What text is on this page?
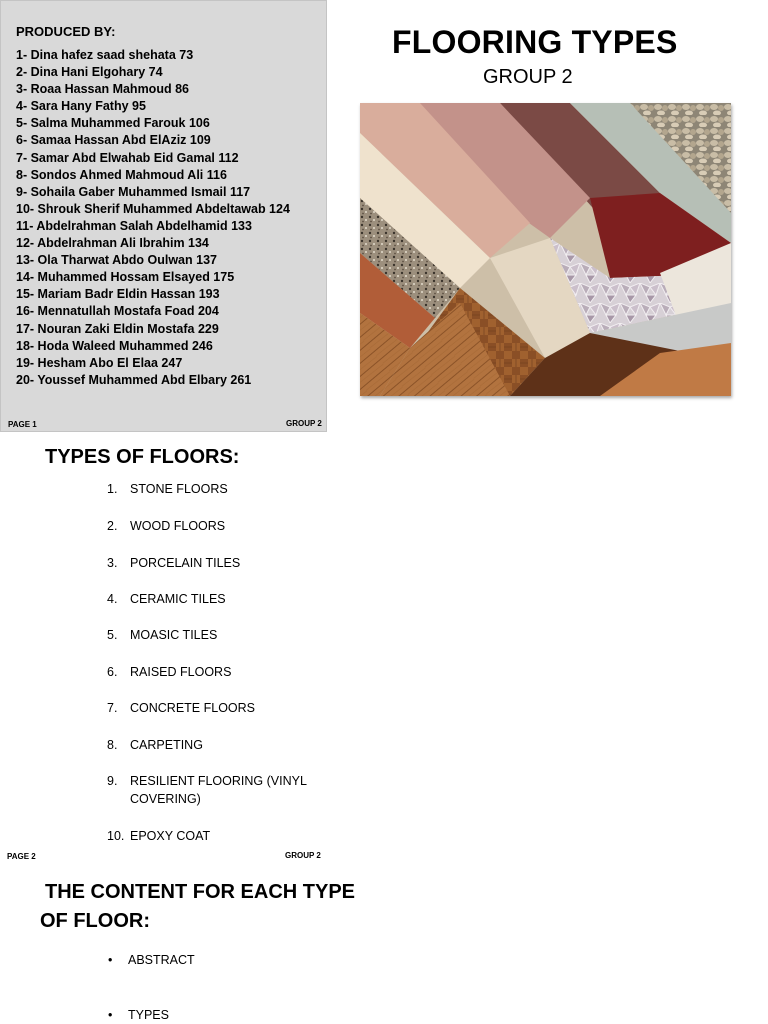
PRODUCED BY:
1- Dina hafez saad shehata 73
2- Dina Hani Elgohary 74
3- Roaa Hassan Mahmoud 86
4- Sara Hany Fathy 95
5- Salma Muhammed Farouk 106
6- Samaa Hassan Abd ElAziz 109
7- Samar Abd Elwahab Eid Gamal 112
8- Sondos Ahmed Mahmoud Ali 116
9- Sohaila Gaber Muhammed Ismail 117
10- Shrouk Sherif Muhammed Abdeltawab 124
11- Abdelrahman Salah Abdelhamid 133
12- Abdelrahman Ali Ibrahim 134
13- Ola Tharwat Abdo Oulwan 137
14- Muhammed Hossam Elsayed 175
15- Mariam Badr Eldin Hassan 193
16- Mennatullah Mostafa Foad 204
17- Nouran Zaki Eldin Mostafa 229
18- Hoda Waleed Muhammed 246
19- Hesham Abo El Elaa 247
20- Youssef Muhammed Abd Elbary 261
PAGE 1	GROUP 2
FLOORING TYPES
GROUP 2
TYPES OF FLOORS:
1. STONE FLOORS
2. WOOD FLOORS
3. PORCELAIN TILES
4. CERAMIC TILES
5. MOASIC TILES
6. RAISED FLOORS
7. CONCRETE FLOORS
8. CARPETING
9. RESILIENT FLOORING (VINYL COVERING)
10. EPOXY COAT
PAGE 2	GROUP 2
THE CONTENT FOR EACH TYPE
OF FLOOR:
• ABSTRACT
• TYPES
